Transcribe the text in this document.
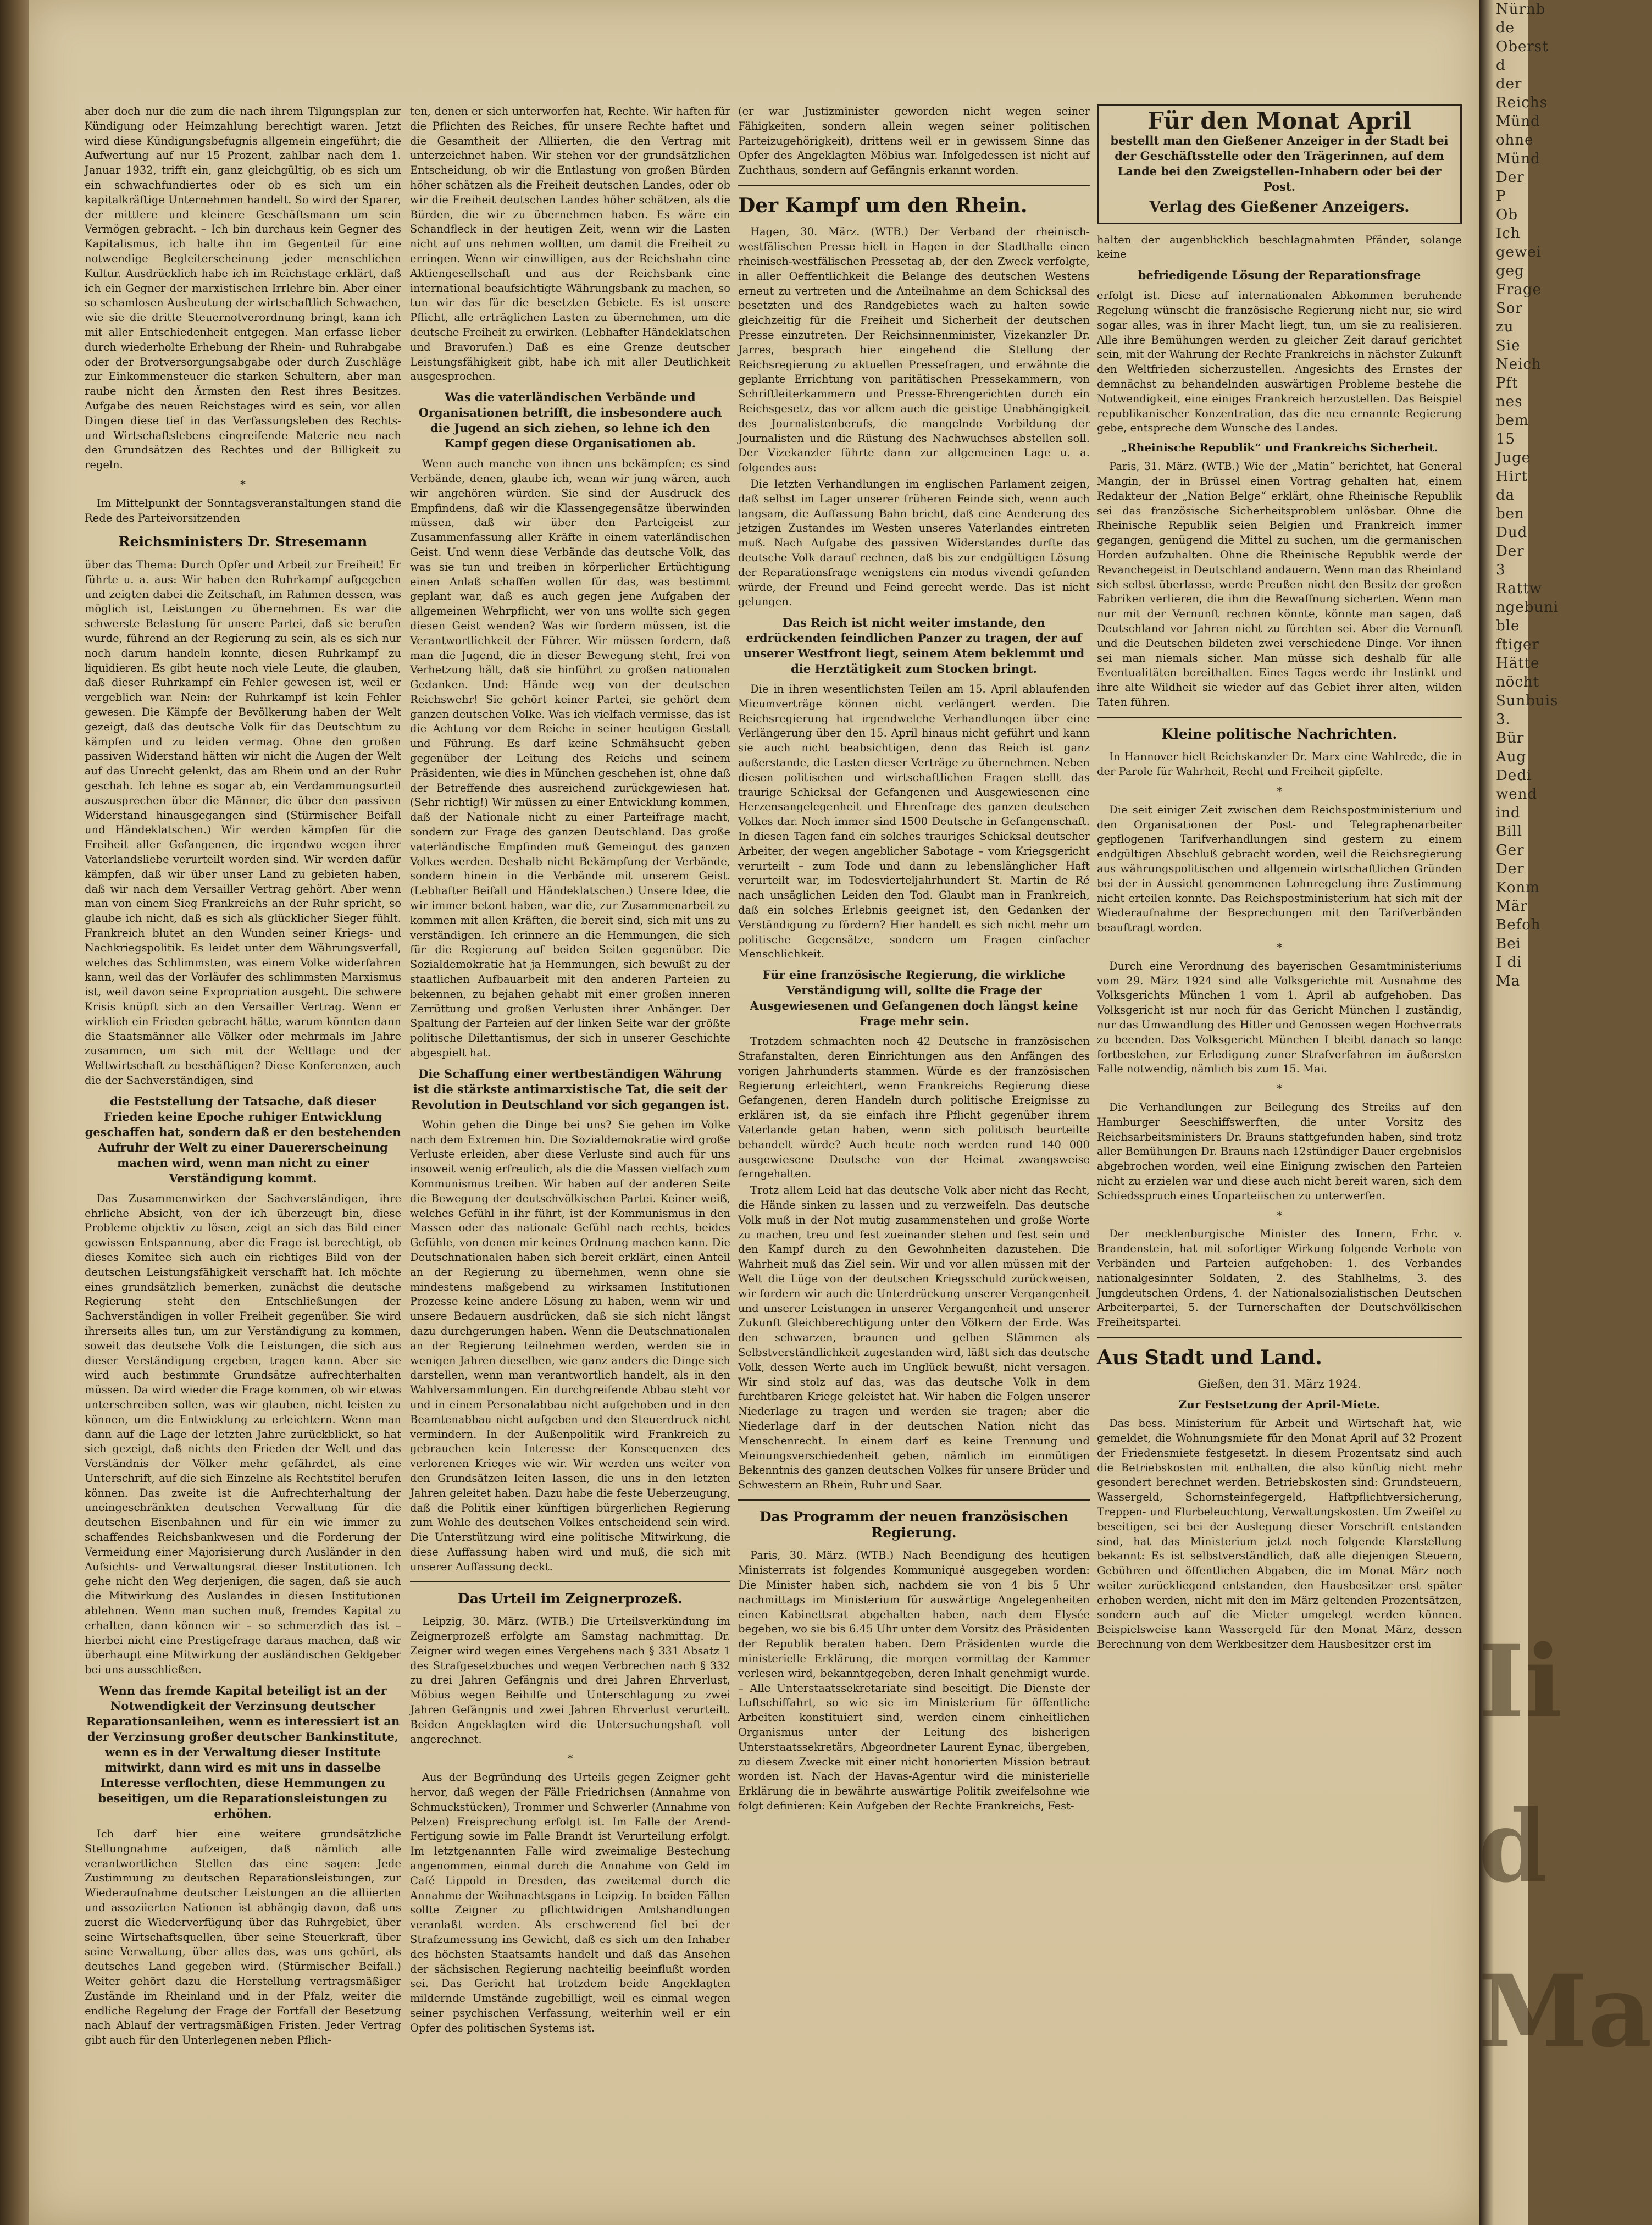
aber doch nur die zum die nach ihrem Tilgungsplan zur Kündigung oder Heimzahlung berechtigt waren. Jetzt wird diese Kündigungsbefugnis allgemein eingeführt; die Aufwertung auf nur 15 Prozent, zahlbar nach dem 1. Januar 1932, trifft ein, ganz gleichgültig, ob es sich um ein schwachfundiertes oder ob es sich um ein kapitalkräftige Unternehmen handelt. So wird der Sparer, der mittlere und kleinere Geschäftsmann um sein Vermögen gebracht. – Ich bin durchaus kein Gegner des Kapitalismus, ich halte ihn im Gegenteil für eine notwendige Begleiterscheinung jeder menschlichen Kultur. Ausdrücklich habe ich im Reichstage erklärt, daß ich ein Gegner der marxistischen Irrlehre bin. Aber einer so schamlosen Ausbeutung der wirtschaftlich Schwachen, wie sie die dritte Steuernotverordnung bringt, kann ich mit aller Entschiedenheit entgegen. Man erfasse lieber durch wiederholte Erhebung der Rhein- und Ruhrabgabe oder der Brotversorgungsabgabe oder durch Zuschläge zur Einkommensteuer die starken Schultern, aber man raube nicht den Ärmsten den Rest ihres Besitzes. Aufgabe des neuen Reichstages wird es sein, vor allen Dingen diese tief in das Verfassungsleben des Rechts- und Wirtschaftslebens eingreifende Materie neu nach den Grundsätzen des Rechtes und der Billigkeit zu regeln.

*

Im Mittelpunkt der Sonntagsveranstaltungen stand die Rede des Parteivorsitzenden

Reichsministers Dr. Stresemann

über das Thema: Durch Opfer und Arbeit zur Freiheit! Er führte u. a. aus: Wir haben den Ruhrkampf aufgegeben und zeigten dabei die Zeitschaft, im Rahmen dessen, was möglich ist, Leistungen zu übernehmen. Es war die schwerste Belastung für unsere Partei, daß sie berufen wurde, führend an der Regierung zu sein, als es sich nur noch darum handeln konnte, diesen Ruhrkampf zu liquidieren. Es gibt heute noch viele Leute, die glauben, daß dieser Ruhrkampf ein Fehler gewesen ist, weil er vergeblich war. Nein: der Ruhrkampf ist kein Fehler gewesen. Die Kämpfe der Bevölkerung haben der Welt gezeigt, daß das deutsche Volk für das Deutschtum zu kämpfen und zu leiden vermag. Ohne den großen passiven Widerstand hätten wir nicht die Augen der Welt auf das Unrecht gelenkt, das am Rhein und an der Ruhr geschah. Ich lehne es sogar ab, ein Verdammungsurteil auszusprechen über die Männer, die über den passiven Widerstand hinausgegangen sind (Stürmischer Beifall und Händeklatschen.) Wir werden kämpfen für die Freiheit aller Gefangenen, die irgendwo wegen ihrer Vaterlandsliebe verurteilt worden sind. Wir werden dafür kämpfen, daß wir über unser Land zu gebieten haben, daß wir nach dem Versailler Vertrag gehört. Aber wenn man von einem Sieg Frankreichs an der Ruhr spricht, so glaube ich nicht, daß es sich als glücklicher Sieger fühlt. Frankreich blutet an den Wunden seiner Kriegs- und Nachkriegspolitik. Es leidet unter dem Währungsverfall, welches das Schlimmsten, was einem Volke widerfahren kann, weil das der Vorläufer des schlimmsten Marxismus ist, weil davon seine Expropriation ausgeht. Die schwere Krisis knüpft sich an den Versailler Vertrag. Wenn er wirklich ein Frieden gebracht hätte, warum könnten dann die Staatsmänner alle Völker oder mehrmals im Jahre zusammen, um sich mit der Weltlage und der Weltwirtschaft zu beschäftigen? Diese Konferenzen, auch die der Sachverständigen, sind

die Feststellung der Tatsache, daß dieser Frieden keine Epoche ruhiger Entwicklung geschaffen hat, sondern daß er den bestehenden Aufruhr der Welt zu einer Dauererscheinung machen wird, wenn man nicht zu einer Verständigung kommt.

Das Zusammenwirken der Sachverständigen, ihre ehrliche Absicht, von der ich überzeugt bin, diese Probleme objektiv zu lösen, zeigt an sich das Bild einer gewissen Entspannung, aber die Frage ist berechtigt, ob dieses Komitee sich auch ein richtiges Bild von der deutschen Leistungsfähigkeit verschafft hat. Ich möchte eines grundsätzlich bemerken, zunächst die deutsche Regierung steht den Entschließungen der Sachverständigen in voller Freiheit gegenüber. Sie wird ihrerseits alles tun, um zur Verständigung zu kommen, soweit das deutsche Volk die Leistungen, die sich aus dieser Verständigung ergeben, tragen kann. Aber sie wird auch bestimmte Grundsätze aufrechterhalten müssen. Da wird wieder die Frage kommen, ob wir etwas unterschreiben sollen, was wir glauben, nicht leisten zu können, um die Entwicklung zu erleichtern. Wenn man dann auf die Lage der letzten Jahre zurückblickt, so hat sich gezeigt, daß nichts den Frieden der Welt und das Verständnis der Völker mehr gefährdet, als eine Unterschrift, auf die sich Einzelne als Rechtstitel berufen können. Das zweite ist die Aufrechterhaltung der uneingeschränkten deutschen Verwaltung für die deutschen Eisenbahnen und für ein wie immer zu schaffendes Reichsbankwesen und die Forderung der Vermeidung einer Majorisierung durch Ausländer in den Aufsichts- und Verwaltungsrat dieser Institutionen. Ich gehe nicht den Weg derjenigen, die sagen, daß sie auch die Mitwirkung des Auslandes in diesen Institutionen ablehnen. Wenn man suchen muß, fremdes Kapital zu erhalten, dann können wir – so schmerzlich das ist – hierbei nicht eine Prestigefrage daraus machen, daß wir überhaupt eine Mitwirkung der ausländischen Geldgeber bei uns ausschließen.

Wenn das fremde Kapital beteiligt ist an der Notwendigkeit der Verzinsung deutscher Reparationsanleihen, wenn es interessiert ist an der Verzinsung großer deutscher Bankinstitute, wenn es in der Verwaltung dieser Institute mitwirkt, dann wird es mit uns in dasselbe Interesse verflochten, diese Hemmungen zu beseitigen, um die Reparationsleistungen zu erhöhen.

Ich darf hier eine weitere grundsätzliche Stellungnahme aufzeigen, daß nämlich alle verantwortlichen Stellen das eine sagen: Jede Zustimmung zu deutschen Reparationsleistungen, zur Wiederaufnahme deutscher Leistungen an die alliierten und assoziierten Nationen ist abhängig davon, daß uns zuerst die Wiederverfügung über das Ruhrgebiet, über seine Wirtschaftsquellen, über seine Steuerkraft, über seine Verwaltung, über alles das, was uns gehört, als deutsches Land gegeben wird. (Stürmischer Beifall.) Weiter gehört dazu die Herstellung vertragsmäßiger Zustände im Rheinland und in der Pfalz, weiter die endliche Regelung der Frage der Fortfall der Besetzung nach Ablauf der vertragsmäßigen Fristen. Jeder Vertrag gibt auch für den Unterlegenen neben Pflich-

ten, denen er sich unterworfen hat, Rechte. Wir haften für die Pflichten des Reiches, für unsere Rechte haftet und die Gesamtheit der Alliierten, die den Vertrag mit unterzeichnet haben. Wir stehen vor der grundsätzlichen Entscheidung, ob wir die Entlastung von großen Bürden höher schätzen als die Freiheit deutschen Landes, oder ob wir die Freiheit deutschen Landes höher schätzen, als die Bürden, die wir zu übernehmen haben. Es wäre ein Schandfleck in der heutigen Zeit, wenn wir die Lasten nicht auf uns nehmen wollten, um damit die Freiheit zu erringen. Wenn wir einwilligen, aus der Reichsbahn eine Aktiengesellschaft und aus der Reichsbank eine international beaufsichtigte Währungsbank zu machen, so tun wir das für die besetzten Gebiete. Es ist unsere Pflicht, alle erträglichen Lasten zu übernehmen, um die deutsche Freiheit zu erwirken. (Lebhafter Händeklatschen und Bravorufen.) Daß es eine Grenze deutscher Leistungsfähigkeit gibt, habe ich mit aller Deutlichkeit ausgesprochen.

Was die vaterländischen Verbände und Organisationen betrifft, die insbesondere auch die Jugend an sich ziehen, so lehne ich den Kampf gegen diese Organisationen ab.

Wenn auch manche von ihnen uns bekämpfen; es sind Verbände, denen, glaube ich, wenn wir jung wären, auch wir angehören würden. Sie sind der Ausdruck des Empfindens, daß wir die Klassengegensätze überwinden müssen, daß wir über den Parteigeist zur Zusammenfassung aller Kräfte in einem vaterländischen Geist. Und wenn diese Verbände das deutsche Volk, das was sie tun und treiben in körperlicher Ertüchtigung einen Anlaß schaffen wollen für das, was bestimmt geplant war, daß es auch gegen jene Aufgaben der allgemeinen Wehrpflicht, wer von uns wollte sich gegen diesen Geist wenden? Was wir fordern müssen, ist die Verantwortlichkeit der Führer. Wir müssen fordern, daß man die Jugend, die in dieser Bewegung steht, frei von Verhetzung hält, daß sie hinführt zu großen nationalen Gedanken. Und: Hände weg von der deutschen Reichswehr! Sie gehört keiner Partei, sie gehört dem ganzen deutschen Volke. Was ich vielfach vermisse, das ist die Achtung vor dem Reiche in seiner heutigen Gestalt und Führung. Es darf keine Schmähsucht geben gegenüber der Leitung des Reichs und seinem Präsidenten, wie dies in München geschehen ist, ohne daß der Betreffende dies ausreichend zurückgewiesen hat. (Sehr richtig!) Wir müssen zu einer Entwicklung kommen, daß der Nationale nicht zu einer Parteifrage macht, sondern zur Frage des ganzen Deutschland. Das große vaterländische Empfinden muß Gemeingut des ganzen Volkes werden. Deshalb nicht Bekämpfung der Verbände, sondern hinein in die Verbände mit unserem Geist. (Lebhafter Beifall und Händeklatschen.) Unsere Idee, die wir immer betont haben, war die, zur Zusammenarbeit zu kommen mit allen Kräften, die bereit sind, sich mit uns zu verständigen. Ich erinnere an die Hemmungen, die sich für die Regierung auf beiden Seiten gegenüber. Die Sozialdemokratie hat ja Hemmungen, sich bewußt zu der staatlichen Aufbauarbeit mit den anderen Parteien zu bekennen, zu bejahen gehabt mit einer großen inneren Zerrüttung und großen Verlusten ihrer Anhänger. Der Spaltung der Parteien auf der linken Seite war der größte politische Dilettantismus, der sich in unserer Geschichte abgespielt hat.

Die Schaffung einer wertbeständigen Währung ist die stärkste antimarxistische Tat, die seit der Revolution in Deutschland vor sich gegangen ist.

Wohin gehen die Dinge bei uns? Sie gehen im Volke nach dem Extremen hin. Die Sozialdemokratie wird große Verluste erleiden, aber diese Verluste sind auch für uns insoweit wenig erfreulich, als die die Massen vielfach zum Kommunismus treiben. Wir haben auf der anderen Seite die Bewegung der deutschvölkischen Partei. Keiner weiß, welches Gefühl in ihr führt, ist der Kommunismus in den Massen oder das nationale Gefühl nach rechts, beides Gefühle, von denen mir keines Ordnung machen kann. Die Deutschnationalen haben sich bereit erklärt, einen Anteil an der Regierung zu übernehmen, wenn ohne sie mindestens maßgebend zu wirksamen Institutionen Prozesse keine andere Lösung zu haben, wenn wir und unsere Bedauern ausdrücken, daß sie sich nicht längst dazu durchgerungen haben. Wenn die Deutschnationalen an der Regierung teilnehmen werden, werden sie in wenigen Jahren dieselben, wie ganz anders die Dinge sich darstellen, wenn man verantwortlich handelt, als in den Wahlversammlungen. Ein durchgreifende Abbau steht vor und in einem Personalabbau nicht aufgehoben und in den Beamtenabbau nicht aufgeben und den Steuerdruck nicht vermindern. In der Außenpolitik wird Frankreich zu gebrauchen kein Interesse der Konsequenzen des verlorenen Krieges wie wir. Wir werden uns weiter von den Grundsätzen leiten lassen, die uns in den letzten Jahren geleitet haben. Dazu habe die feste Ueberzeugung, daß die Politik einer künftigen bürgerlichen Regierung zum Wohle des deutschen Volkes entscheidend sein wird. Die Unterstützung wird eine politische Mitwirkung, die diese Auffassung haben wird und muß, die sich mit unserer Auffassung deckt.

Das Urteil im Zeignerprozeß.

Leipzig, 30. März. (WTB.) Die Urteilsverkündung im Zeignerprozeß erfolgte am Samstag nachmittag. Dr. Zeigner wird wegen eines Vergehens nach § 331 Absatz 1 des Strafgesetzbuches und wegen Verbrechen nach § 332 zu drei Jahren Gefängnis und drei Jahren Ehrverlust, Möbius wegen Beihilfe und Unterschlagung zu zwei Jahren Gefängnis und zwei Jahren Ehrverlust verurteilt. Beiden Angeklagten wird die Untersuchungshaft voll angerechnet.

*

Aus der Begründung des Urteils gegen Zeigner geht hervor, daß wegen der Fälle Friedrichsen (Annahme von Schmuckstücken), Trommer und Schwerler (Annahme von Pelzen) Freisprechung erfolgt ist. Im Falle der Arend-Fertigung sowie im Falle Brandt ist Verurteilung erfolgt. Im letztgenannten Falle wird zweimalige Bestechung angenommen, einmal durch die Annahme von Geld im Café Lippold in Dresden, das zweitemal durch die Annahme der Weihnachtsgans in Leipzig. In beiden Fällen sollte Zeigner zu pflichtwidrigen Amtshandlungen veranlaßt werden. Als erschwerend fiel bei der Strafzumessung ins Gewicht, daß es sich um den Inhaber des höchsten Staatsamts handelt und daß das Ansehen der sächsischen Regierung nachteilig beeinflußt worden sei. Das Gericht hat trotzdem beide Angeklagten mildernde Umstände zugebilligt, weil es einmal wegen seiner psychischen Verfassung, weiterhin weil er ein Opfer des politischen Systems ist.

(er war Justizminister geworden nicht wegen seiner Fähigkeiten, sondern allein wegen seiner politischen Parteizugehörigkeit), drittens weil er in gewissem Sinne das Opfer des Angeklagten Möbius war. Infolgedessen ist nicht auf Zuchthaus, sondern auf Gefängnis erkannt worden.

Der Kampf um den Rhein.

Hagen, 30. März. (WTB.) Der Verband der rheinisch-westfälischen Presse hielt in Hagen in der Stadthalle einen rheinisch-westfälischen Pressetag ab, der den Zweck verfolgte, in aller Oeffentlichkeit die Belange des deutschen Westens erneut zu vertreten und die Anteilnahme an dem Schicksal des besetzten und des Randgebietes wach zu halten sowie gleichzeitig für die Freiheit und Sicherheit der deutschen Presse einzutreten. Der Reichsinnenminister, Vizekanzler Dr. Jarres, besprach hier eingehend die Stellung der Reichsregierung zu aktuellen Pressefragen, und erwähnte die geplante Errichtung von paritätischen Pressekammern, von Schriftleiterkammern und Presse-Ehrengerichten durch ein Reichsgesetz, das vor allem auch die geistige Unabhängigkeit des Journalistenberufs, die mangelnde Vorbildung der Journalisten und die Rüstung des Nachwuchses abstellen soll. Der Vizekanzler führte dann zur allgemeinen Lage u. a. folgendes aus:

Die letzten Verhandlungen im englischen Parlament zeigen, daß selbst im Lager unserer früheren Feinde sich, wenn auch langsam, die Auffassung Bahn bricht, daß eine Aenderung des jetzigen Zustandes im Westen unseres Vaterlandes eintreten muß. Nach Aufgabe des passiven Widerstandes durfte das deutsche Volk darauf rechnen, daß bis zur endgültigen Lösung der Reparationsfrage wenigstens ein modus vivendi gefunden würde, der Freund und Feind gerecht werde. Das ist nicht gelungen.

Das Reich ist nicht weiter imstande, den erdrückenden feindlichen Panzer zu tragen, der auf unserer Westfront liegt, seinem Atem beklemmt und die Herztätigkeit zum Stocken bringt.

Die in ihren wesentlichsten Teilen am 15. April ablaufenden Micumverträge können nicht verlängert werden. Die Reichsregierung hat irgendwelche Verhandlungen über eine Verlängerung über den 15. April hinaus nicht geführt und kann sie auch nicht beabsichtigen, denn das Reich ist ganz außerstande, die Lasten dieser Verträge zu übernehmen. Neben diesen politischen und wirtschaftlichen Fragen stellt das traurige Schicksal der Gefangenen und Ausgewiesenen eine Herzensangelegenheit und Ehrenfrage des ganzen deutschen Volkes dar. Noch immer sind 1500 Deutsche in Gefangenschaft. In diesen Tagen fand ein solches trauriges Schicksal deutscher Arbeiter, der wegen angeblicher Sabotage – vom Kriegsgericht verurteilt – zum Tode und dann zu lebenslänglicher Haft verurteilt war, im Todesvierteljahrhundert St. Martin de Ré nach unsäglichen Leiden den Tod. Glaubt man in Frankreich, daß ein solches Erlebnis geeignet ist, den Gedanken der Verständigung zu fördern? Hier handelt es sich nicht mehr um politische Gegensätze, sondern um Fragen einfacher Menschlichkeit.

Für eine französische Regierung, die wirkliche Verständigung will, sollte die Frage der Ausgewiesenen und Gefangenen doch längst keine Frage mehr sein.

Trotzdem schmachten noch 42 Deutsche in französischen Strafanstalten, deren Einrichtungen aus den Anfängen des vorigen Jahrhunderts stammen. Würde es der französischen Regierung erleichtert, wenn Frankreichs Regierung diese Gefangenen, deren Handeln durch politische Ereignisse zu erklären ist, da sie einfach ihre Pflicht gegenüber ihrem Vaterlande getan haben, wenn sich politisch beurteilte behandelt würde? Auch heute noch werden rund 140 000 ausgewiesene Deutsche von der Heimat zwangsweise ferngehalten.

Trotz allem Leid hat das deutsche Volk aber nicht das Recht, die Hände sinken zu lassen und zu verzweifeln. Das deutsche Volk muß in der Not mutig zusammenstehen und große Worte zu machen, treu und fest zueinander stehen und fest sein und den Kampf durch zu den Gewohnheiten dazustehen. Die Wahrheit muß das Ziel sein. Wir und vor allen müssen mit der Welt die Lüge von der deutschen Kriegsschuld zurückweisen, wir fordern wir auch die Unterdrückung unserer Vergangenheit und unserer Leistungen in unserer Vergangenheit und unserer Zukunft Gleichberechtigung unter den Völkern der Erde. Was den schwarzen, braunen und gelben Stämmen als Selbstverständlichkeit zugestanden wird, läßt sich das deutsche Volk, dessen Werte auch im Unglück bewußt, nicht versagen. Wir sind stolz auf das, was das deutsche Volk in dem furchtbaren Kriege geleistet hat. Wir haben die Folgen unserer Niederlage zu tragen und werden sie tragen; aber die Niederlage darf in der deutschen Nation nicht das Menschenrecht. In einem darf es keine Trennung und Meinungsverschiedenheit geben, nämlich im einmütigen Bekenntnis des ganzen deutschen Volkes für unsere Brüder und Schwestern an Rhein, Ruhr und Saar.

Das Programm der neuen französischen Regierung.

Paris, 30. März. (WTB.) Nach Beendigung des heutigen Ministerrats ist folgendes Kommuniqué ausgegeben worden: Die Minister haben sich, nachdem sie von 4 bis 5 Uhr nachmittags im Ministerium für auswärtige Angelegenheiten einen Kabinettsrat abgehalten haben, nach dem Elysée begeben, wo sie bis 6.45 Uhr unter dem Vorsitz des Präsidenten der Republik beraten haben. Dem Präsidenten wurde die ministerielle Erklärung, die morgen vormittag der Kammer verlesen wird, bekanntgegeben, deren Inhalt genehmigt wurde. – Alle Unterstaatssekretariate sind beseitigt. Die Dienste der Luftschiffahrt, so wie sie im Ministerium für öffentliche Arbeiten konstituiert sind, werden einem einheitlichen Organismus unter der Leitung des bisherigen Unterstaatssekretärs, Abgeordneter Laurent Eynac, übergeben, zu diesem Zwecke mit einer nicht honorierten Mission betraut worden ist. Nach der Havas-Agentur wird die ministerielle Erklärung die in bewährte auswärtige Politik zweifelsohne wie folgt definieren: Kein Aufgeben der Rechte Frankreichs, Fest-

Für den Monat April
bestellt man den Gießener Anzeiger in der Stadt bei der Geschäftsstelle oder den Trägerinnen, auf dem Lande bei den Zweigstellen-Inhabern oder bei der Post.
Verlag des Gießener Anzeigers.

halten der augenblicklich beschlagnahmten Pfänder, solange keine

befriedigende Lösung der Reparationsfrage

erfolgt ist. Diese auf internationalen Abkommen beruhende Regelung wünscht die französische Regierung nicht nur, sie wird sogar alles, was in ihrer Macht liegt, tun, um sie zu realisieren. Alle ihre Bemühungen werden zu gleicher Zeit darauf gerichtet sein, mit der Wahrung der Rechte Frankreichs in nächster Zukunft den Weltfrieden sicherzustellen. Angesichts des Ernstes der demnächst zu behandelnden auswärtigen Probleme bestehe die Notwendigkeit, eine einiges Frankreich herzustellen. Das Beispiel republikanischer Konzentration, das die neu ernannte Regierung gebe, entspreche dem Wunsche des Landes.

„Rheinische Republik“ und Frankreichs Sicherheit.

Paris, 31. März. (WTB.) Wie der „Matin“ berichtet, hat General Mangin, der in Brüssel einen Vortrag gehalten hat, einem Redakteur der „Nation Belge“ erklärt, ohne Rheinische Republik sei das französische Sicherheitsproblem unlösbar. Ohne die Rheinische Republik seien Belgien und Frankreich immer gegangen, genügend die Mittel zu suchen, um die germanischen Horden aufzuhalten. Ohne die Rheinische Republik werde der Revanchegeist in Deutschland andauern. Wenn man das Rheinland sich selbst überlasse, werde Preußen nicht den Besitz der großen Fabriken verlieren, die ihm die Bewaffnung sicherten. Wenn man nur mit der Vernunft rechnen könnte, könnte man sagen, daß Deutschland vor Jahren nicht zu fürchten sei. Aber die Vernunft und die Deutschen bildeten zwei verschiedene Dinge. Vor ihnen sei man niemals sicher. Man müsse sich deshalb für alle Eventualitäten bereithalten. Eines Tages werde ihr Instinkt und ihre alte Wildheit sie wieder auf das Gebiet ihrer alten, wilden Taten führen.

Kleine politische Nachrichten.

In Hannover hielt Reichskanzler Dr. Marx eine Wahlrede, die in der Parole für Wahrheit, Recht und Freiheit gipfelte.

*

Die seit einiger Zeit zwischen dem Reichspostministerium und den Organisationen der Post- und Telegraphenarbeiter gepflogenen Tarifverhandlungen sind gestern zu einem endgültigen Abschluß gebracht worden, weil die Reichsregierung aus währungspolitischen und allgemein wirtschaftlichen Gründen bei der in Aussicht genommenen Lohnregelung ihre Zustimmung nicht erteilen konnte. Das Reichspostministerium hat sich mit der Wiederaufnahme der Besprechungen mit den Tarifverbänden beauftragt worden.

*

Durch eine Verordnung des bayerischen Gesamtministeriums vom 29. März 1924 sind alle Volksgerichte mit Ausnahme des Volksgerichts München 1 vom 1. April ab aufgehoben. Das Volksgericht ist nur noch für das Gericht München I zuständig, nur das Umwandlung des Hitler und Genossen wegen Hochverrats zu beenden. Das Volksgericht München I bleibt danach so lange fortbestehen, zur Erledigung zuner Strafverfahren im äußersten Falle notwendig, nämlich bis zum 15. Mai.

*

Die Verhandlungen zur Beilegung des Streiks auf den Hamburger Seeschiffswerften, die unter Vorsitz des Reichsarbeitsministers Dr. Brauns stattgefunden haben, sind trotz aller Bemühungen Dr. Brauns nach 12stündiger Dauer ergebnislos abgebrochen worden, weil eine Einigung zwischen den Parteien nicht zu erzielen war und diese auch nicht bereit waren, sich dem Schiedsspruch eines Unparteiischen zu unterwerfen.

*

Der mecklenburgische Minister des Innern, Frhr. v. Brandenstein, hat mit sofortiger Wirkung folgende Verbote von Verbänden und Parteien aufgehoben: 1. des Verbandes nationalgesinnter Soldaten, 2. des Stahlhelms, 3. des Jungdeutschen Ordens, 4. der Nationalsozialistischen Deutschen Arbeiterpartei, 5. der Turnerschaften der Deutschvölkischen Freiheitspartei.

Aus Stadt und Land.
Gießen, den 31. März 1924.
Zur Festsetzung der April-Miete.

Das bess. Ministerium für Arbeit und Wirtschaft hat, wie gemeldet, die Wohnungsmiete für den Monat April auf 32 Prozent der Friedensmiete festgesetzt. In diesem Prozentsatz sind auch die Betriebskosten mit enthalten, die also künftig nicht mehr gesondert berechnet werden. Betriebskosten sind: Grundsteuern, Wassergeld, Schornsteinfegergeld, Haftpflichtversicherung, Treppen- und Flurbeleuchtung, Verwaltungskosten. Um Zweifel zu beseitigen, sei bei der Auslegung dieser Vorschrift entstanden sind, hat das Ministerium jetzt noch folgende Klarstellung bekannt: Es ist selbstverständlich, daß alle diejenigen Steuern, Gebühren und öffentlichen Abgaben, die im Monat März noch weiter zurückliegend entstanden, den Hausbesitzer erst später erhoben werden, nicht mit den im März geltenden Prozentsätzen, sondern auch auf die Mieter umgelegt werden können. Beispielsweise kann Wassergeld für den Monat März, dessen Berechnung von dem Werkbesitzer dem Hausbesitzer erst im

Nürnb de Oberst d der Reichs Münd ohne Münd Der P Ob Ich gewei geg Frage Sor zu Sie Neich Pft nes bem 15 Juge Hirt da ben Dud Der 3 Rattw ngebuni ble ftiger Hätte nöcht Sunbuis 3. Bür Aug Dedi wend ind Bill Ger Der Konm Mär Befoh Bei I di Ma
Ii d Ma
